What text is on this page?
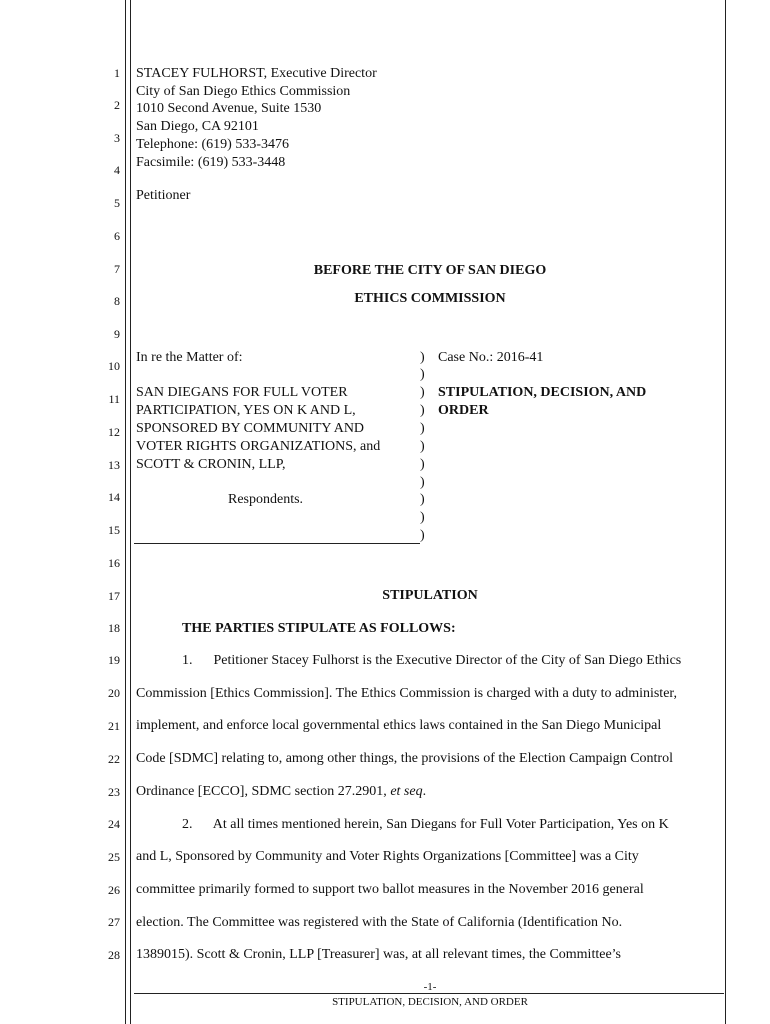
1
2
3
4
5
6
7
8
9
10
11
12
13
14
15
16
17
18
19
20
21
22
23
24
25
26
27
28
STACEY FULHORST, Executive Director
City of San Diego Ethics Commission
1010 Second Avenue, Suite 1530
San Diego, CA 92101
Telephone: (619) 533-3476
Facsimile: (619) 533-3448
Petitioner
BEFORE THE CITY OF SAN DIEGO
ETHICS COMMISSION
In re the Matter of:
SAN DIEGANS FOR FULL VOTER
PARTICIPATION, YES ON K AND L,
SPONSORED BY COMMUNITY AND
VOTER RIGHTS ORGANIZATIONS, and
SCOTT & CRONIN, LLP,
Respondents.
)
)
)
)
)
)
)
)
)
)
)
Case No.: 2016-41
STIPULATION, DECISION, AND
ORDER
STIPULATION
THE PARTIES STIPULATE AS FOLLOWS:
1.      Petitioner Stacey Fulhorst is the Executive Director of the City of San Diego Ethics
Commission [Ethics Commission]. The Ethics Commission is charged with a duty to administer,
implement, and enforce local governmental ethics laws contained in the San Diego Municipal
Code [SDMC] relating to, among other things, the provisions of the Election Campaign Control
Ordinance [ECCO], SDMC section 27.2901, et seq.
2.      At all times mentioned herein, San Diegans for Full Voter Participation, Yes on K
and L, Sponsored by Community and Voter Rights Organizations [Committee] was a City
committee primarily formed to support two ballot measures in the November 2016 general
election. The Committee was registered with the State of California (Identification No.
1389015). Scott & Cronin, LLP [Treasurer] was, at all relevant times, the Committee’s
-1-
STIPULATION, DECISION, AND ORDER
